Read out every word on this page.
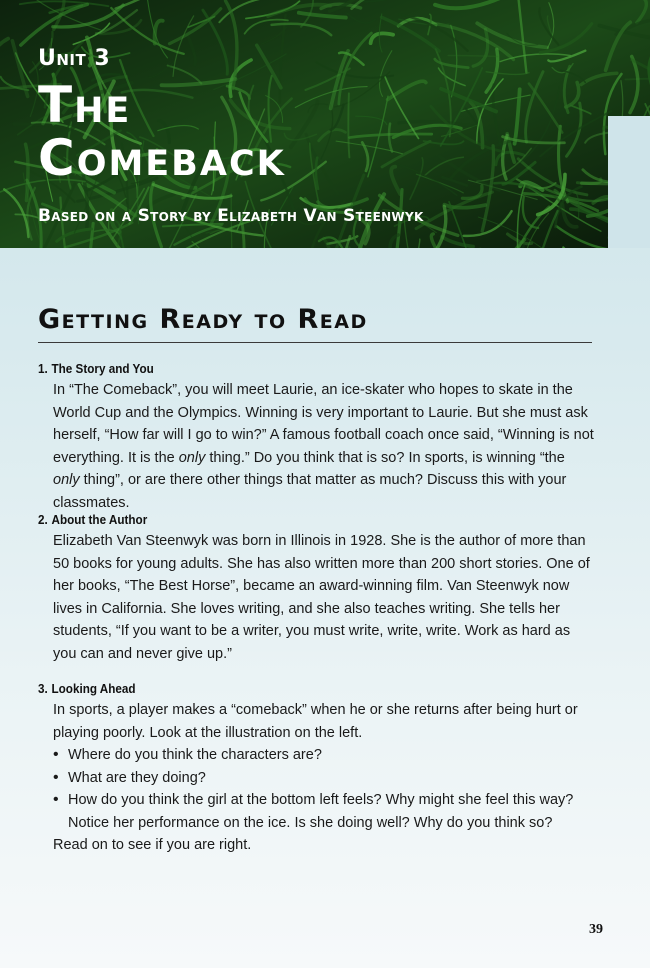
Unit 3
The
Comeback
Based on a Story by Elizabeth Van Steenwyk
Getting Ready to Read
1. The Story and You

In “The Comeback”, you will meet Laurie, an ice-skater who hopes to skate in the World Cup and the Olympics. Winning is very important to Laurie. But she must ask herself, “How far will I go to win?” A famous football coach once said, “Winning is not everything. It is the only thing.” Do you think that is so? In sports, is winning “the only thing”, or are there other things that matter as much? Discuss this with your classmates.

2. About the Author

Elizabeth Van Steenwyk was born in Illinois in 1928. She is the author of more than 50 books for young adults. She has also written more than 200 short stories. One of her books, “The Best Horse”, became an award-winning film. Van Steenwyk now lives in California. She loves writing, and she also teaches writing. She tells her students, “If you want to be a writer, you must write, write, write. Work as hard as you can and never give up.”

3. Looking Ahead

In sports, a player makes a “comeback” when he or she returns after being hurt or playing poorly. Look at the illustration on the left.

• Where do you think the characters are?
• What are they doing?
• How do you think the girl at the bottom left feels? Why might she feel this way? Notice her performance on the ice. Is she doing well? Why do you think so?

Read on to see if you are right.

39
